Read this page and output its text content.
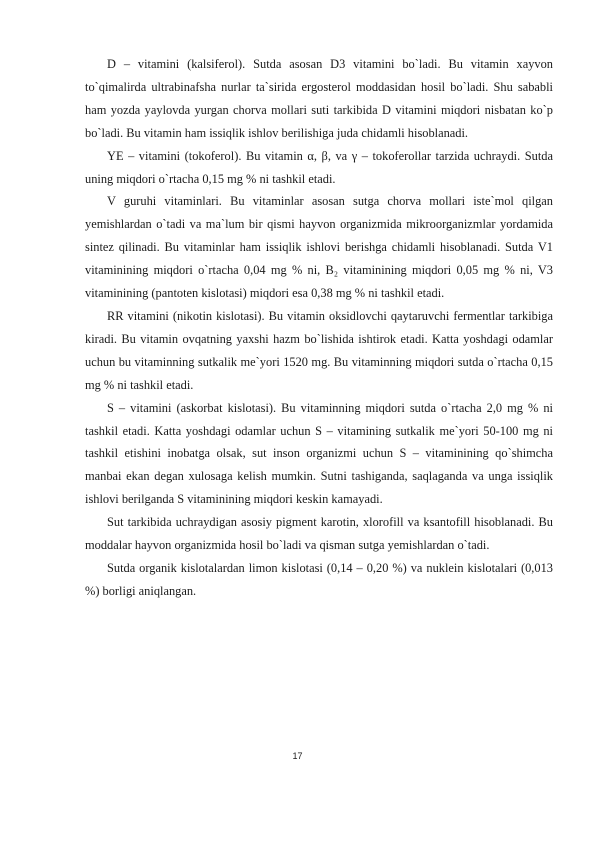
D – vitamini (kalsiferol). Sutda asosan D3 vitamini bo`ladi. Bu vitamin xayvon to`qimalirda ultrabinafsha nurlar ta`sirida ergosterol moddasidan hosil bo`ladi. Shu sababli ham yozda yaylovda yurgan chorva mollari suti tarkibida D vitamini miqdori nisbatan ko`p bo`ladi. Bu vitamin ham issiqlik ishlov berilishiga juda chidamli hisoblanadi.

YE – vitamini (tokoferol). Bu vitamin α, β, va γ – tokoferollar tarzida uchraydi. Sutda uning miqdori o`rtacha 0,15 mg % ni tashkil etadi.

V guruhi vitaminlari. Bu vitaminlar asosan sutga chorva mollari iste`mol qilgan yemishlardan o`tadi va ma`lum bir qismi hayvon organizmida mikroorganizmlar yordamida sintez qilinadi. Bu vitaminlar ham issiqlik ishlovi berishga chidamli hisoblanadi. Sutda V1 vitaminining miqdori o`rtacha 0,04 mg % ni, B₂ vitaminining miqdori 0,05 mg % ni, V3 vitaminining (pantoten kislotasi) miqdori esa 0,38 mg % ni tashkil etadi.

RR vitamini (nikotin kislotasi). Bu vitamin oksidlovchi qaytaruvchi fermentlar tarkibiga kiradi. Bu vitamin ovqatning yaxshi hazm bo`lishida ishtirok etadi. Katta yoshdagi odamlar uchun bu vitaminning sutkalik me`yori 1520 mg. Bu vitaminning miqdori sutda o`rtacha 0,15 mg % ni tashkil etadi.

S – vitamini (askorbat kislotasi). Bu vitaminning miqdori sutda o`rtacha 2,0 mg % ni tashkil etadi. Katta yoshdagi odamlar uchun S – vitamining sutkalik me`yori 50-100 mg ni tashkil etishini inobatga olsak, sut inson organizmi uchun S – vitaminining qo`shimcha manbai ekan degan xulosaga kelish mumkin. Sutni tashiganda, saqlaganda va unga issiqlik ishlovi berilganda S vitaminining miqdori keskin kamayadi.

Sut tarkibida uchraydigan asosiy pigment karotin, xlorofill va ksantofill hisoblanadi. Bu moddalar hayvon organizmida hosil bo`ladi va qisman sutga yemishlardan o`tadi.

Sutda organik kislotalardan limon kislotasi (0,14 – 0,20 %) va nuklein kislotalari (0,013 %) borligi aniqlangan.

17
